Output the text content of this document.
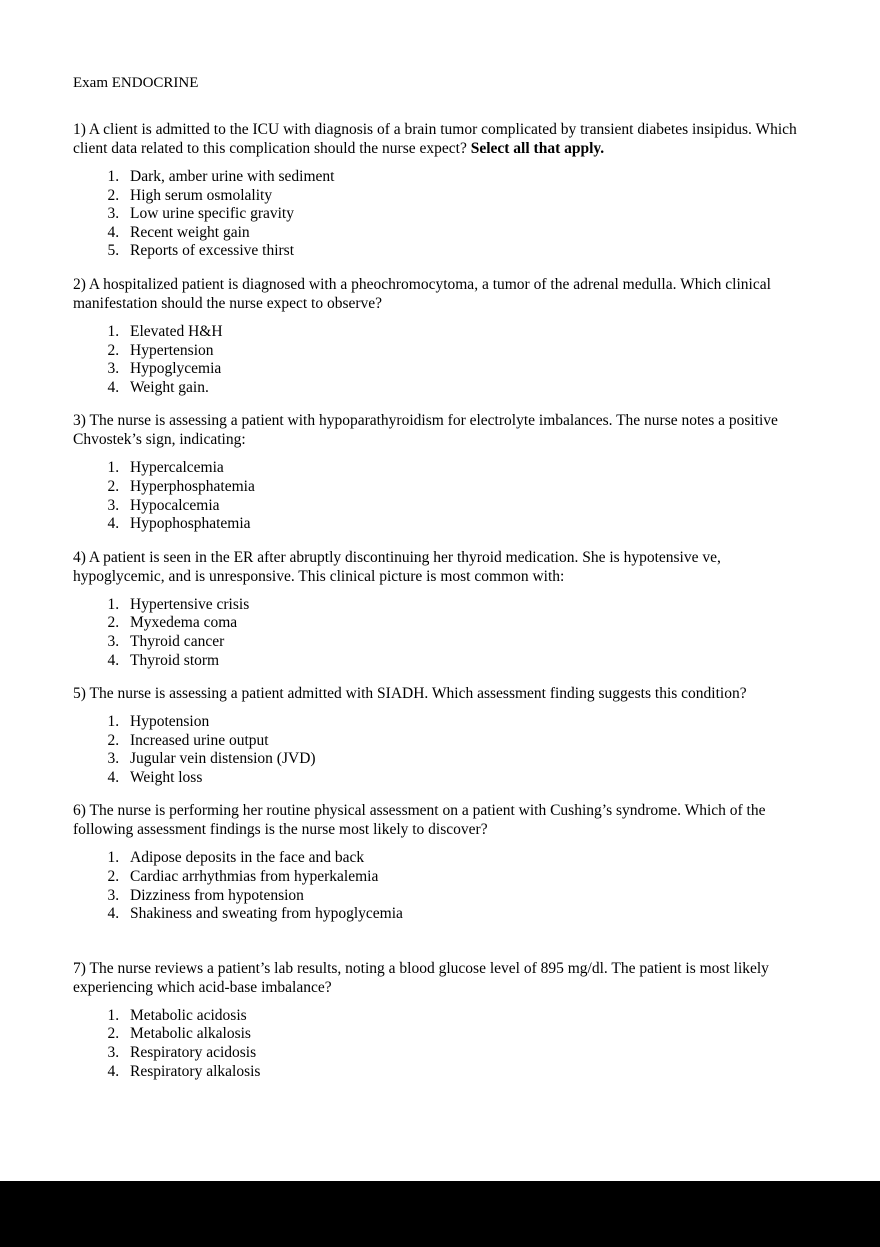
Exam ENDOCRINE

1) A client is admitted to the ICU with diagnosis of a brain tumor complicated by transient diabetes insipidus. Which client data related to this complication should the nurse expect? Select all that apply.

1. Dark, amber urine with sediment
2. High serum osmolality
3. Low urine specific gravity
4. Recent weight gain
5. Reports of excessive thirst

2) A hospitalized patient is diagnosed with a pheochromocytoma, a tumor of the adrenal medulla. Which clinical manifestation should the nurse expect to observe?

1. Elevated H&H
2. Hypertension
3. Hypoglycemia
4. Weight gain.

3) The nurse is assessing a patient with hypoparathyroidism for electrolyte imbalances. The nurse notes a positive Chvostek’s sign, indicating:

1. Hypercalcemia
2. Hyperphosphatemia
3. Hypocalcemia
4. Hypophosphatemia

4) A patient is seen in the ER after abruptly discontinuing her thyroid medication. She is hypotensive ve, hypoglycemic, and is unresponsive. This clinical picture is most common with:

1. Hypertensive crisis
2. Myxedema coma
3. Thyroid cancer
4. Thyroid storm

5) The nurse is assessing a patient admitted with SIADH. Which assessment finding suggests this condition?

1. Hypotension
2. Increased urine output
3. Jugular vein distension (JVD)
4. Weight loss

6) The nurse is performing her routine physical assessment on a patient with Cushing’s syndrome. Which of the following assessment findings is the nurse most likely to discover?

1. Adipose deposits in the face and back
2. Cardiac arrhythmias from hyperkalemia
3. Dizziness from hypotension
4. Shakiness and sweating from hypoglycemia

7) The nurse reviews a patient’s lab results, noting a blood glucose level of 895 mg/dl. The patient is most likely experiencing which acid-base imbalance?

1. Metabolic acidosis
2. Metabolic alkalosis
3. Respiratory acidosis
4. Respiratory alkalosis
